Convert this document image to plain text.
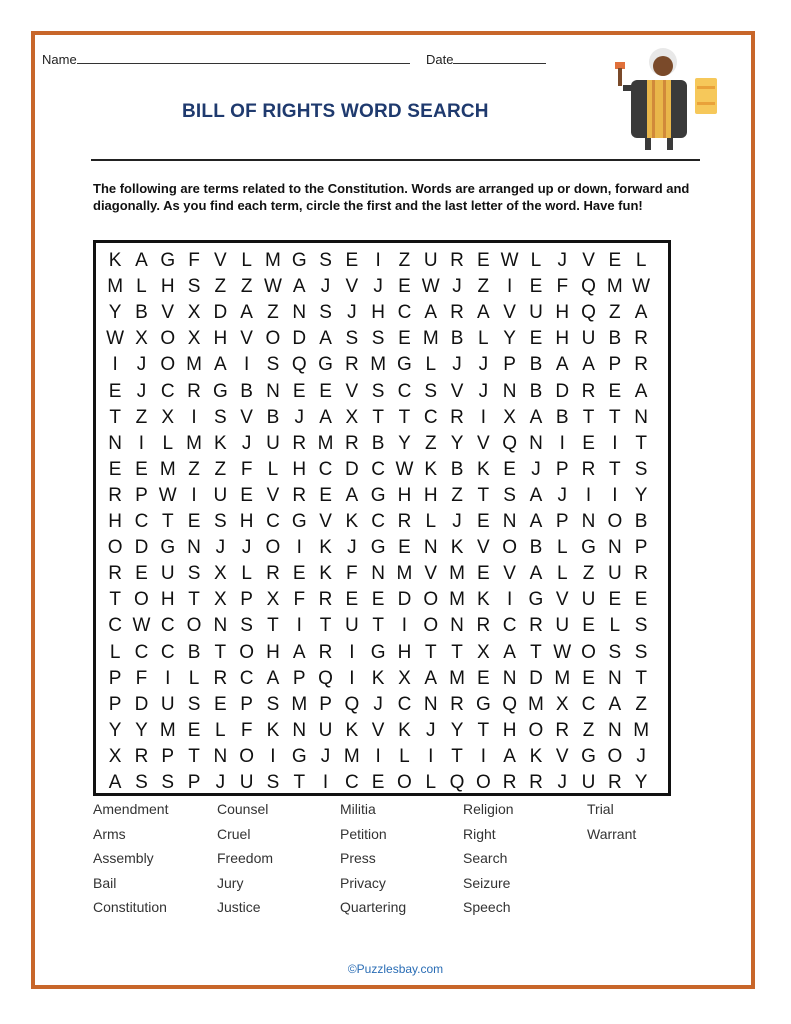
Name	Date
BILL OF RIGHTS WORD SEARCH
The following are terms related to the Constitution. Words are arranged up or down, forward and diagonally. As you find each term, circle the first and the last letter of the word. Have fun!
K A G F V L M G S E I Z U R E W L J V E L
M L H S Z Z W A J V J E W J Z I E F Q M W
Y B V X D A Z N S J H C A R A V U H Q Z A
W X O X H V O D A S S E M B L Y E H U B R
I J O M A I S Q G R M G L J J P B A A P R
E J C R G B N E E V S C S V J N B D R E A
T Z X I S V B J A X T T C R I X A B T T N
N I L M K J U R M R B Y Z Y V Q N I E I T
E E M Z Z F L H C D C W K B K E J P R T S
R P W I U E V R E A G H H Z T S A J I	I Y
H C T E S H C G V K C R L J E N A P N O B
O D G N J J O I K J G E N K V O B L G N P
R E U S X L R E K F N M V M E V A L Z U R
T O H T X P X F R E E D O M K I G V U E E
C W C O N S T I T U T I O N R C R U E L S
L C C B T O H A R I G H T T X A T W O S S
P F I L R C A P Q I K X A M E N D M E N T
P D U S E P S M P Q J C N R G Q M X C A Z
Y Y M E L F K N U K V K J Y T H O R Z N M
X R P T N O I G J M I L I T I A K V G O J
A S S P J U S T I C E O L Q O R R J U R Y
Amendment
Arms
Assembly
Bail
Constitution
Counsel
Cruel
Freedom
Jury
Justice
Militia
Petition
Press
Privacy
Quartering
Religion
Right
Search
Seizure
Speech
Trial
Warrant
©Puzzlesbay.com
